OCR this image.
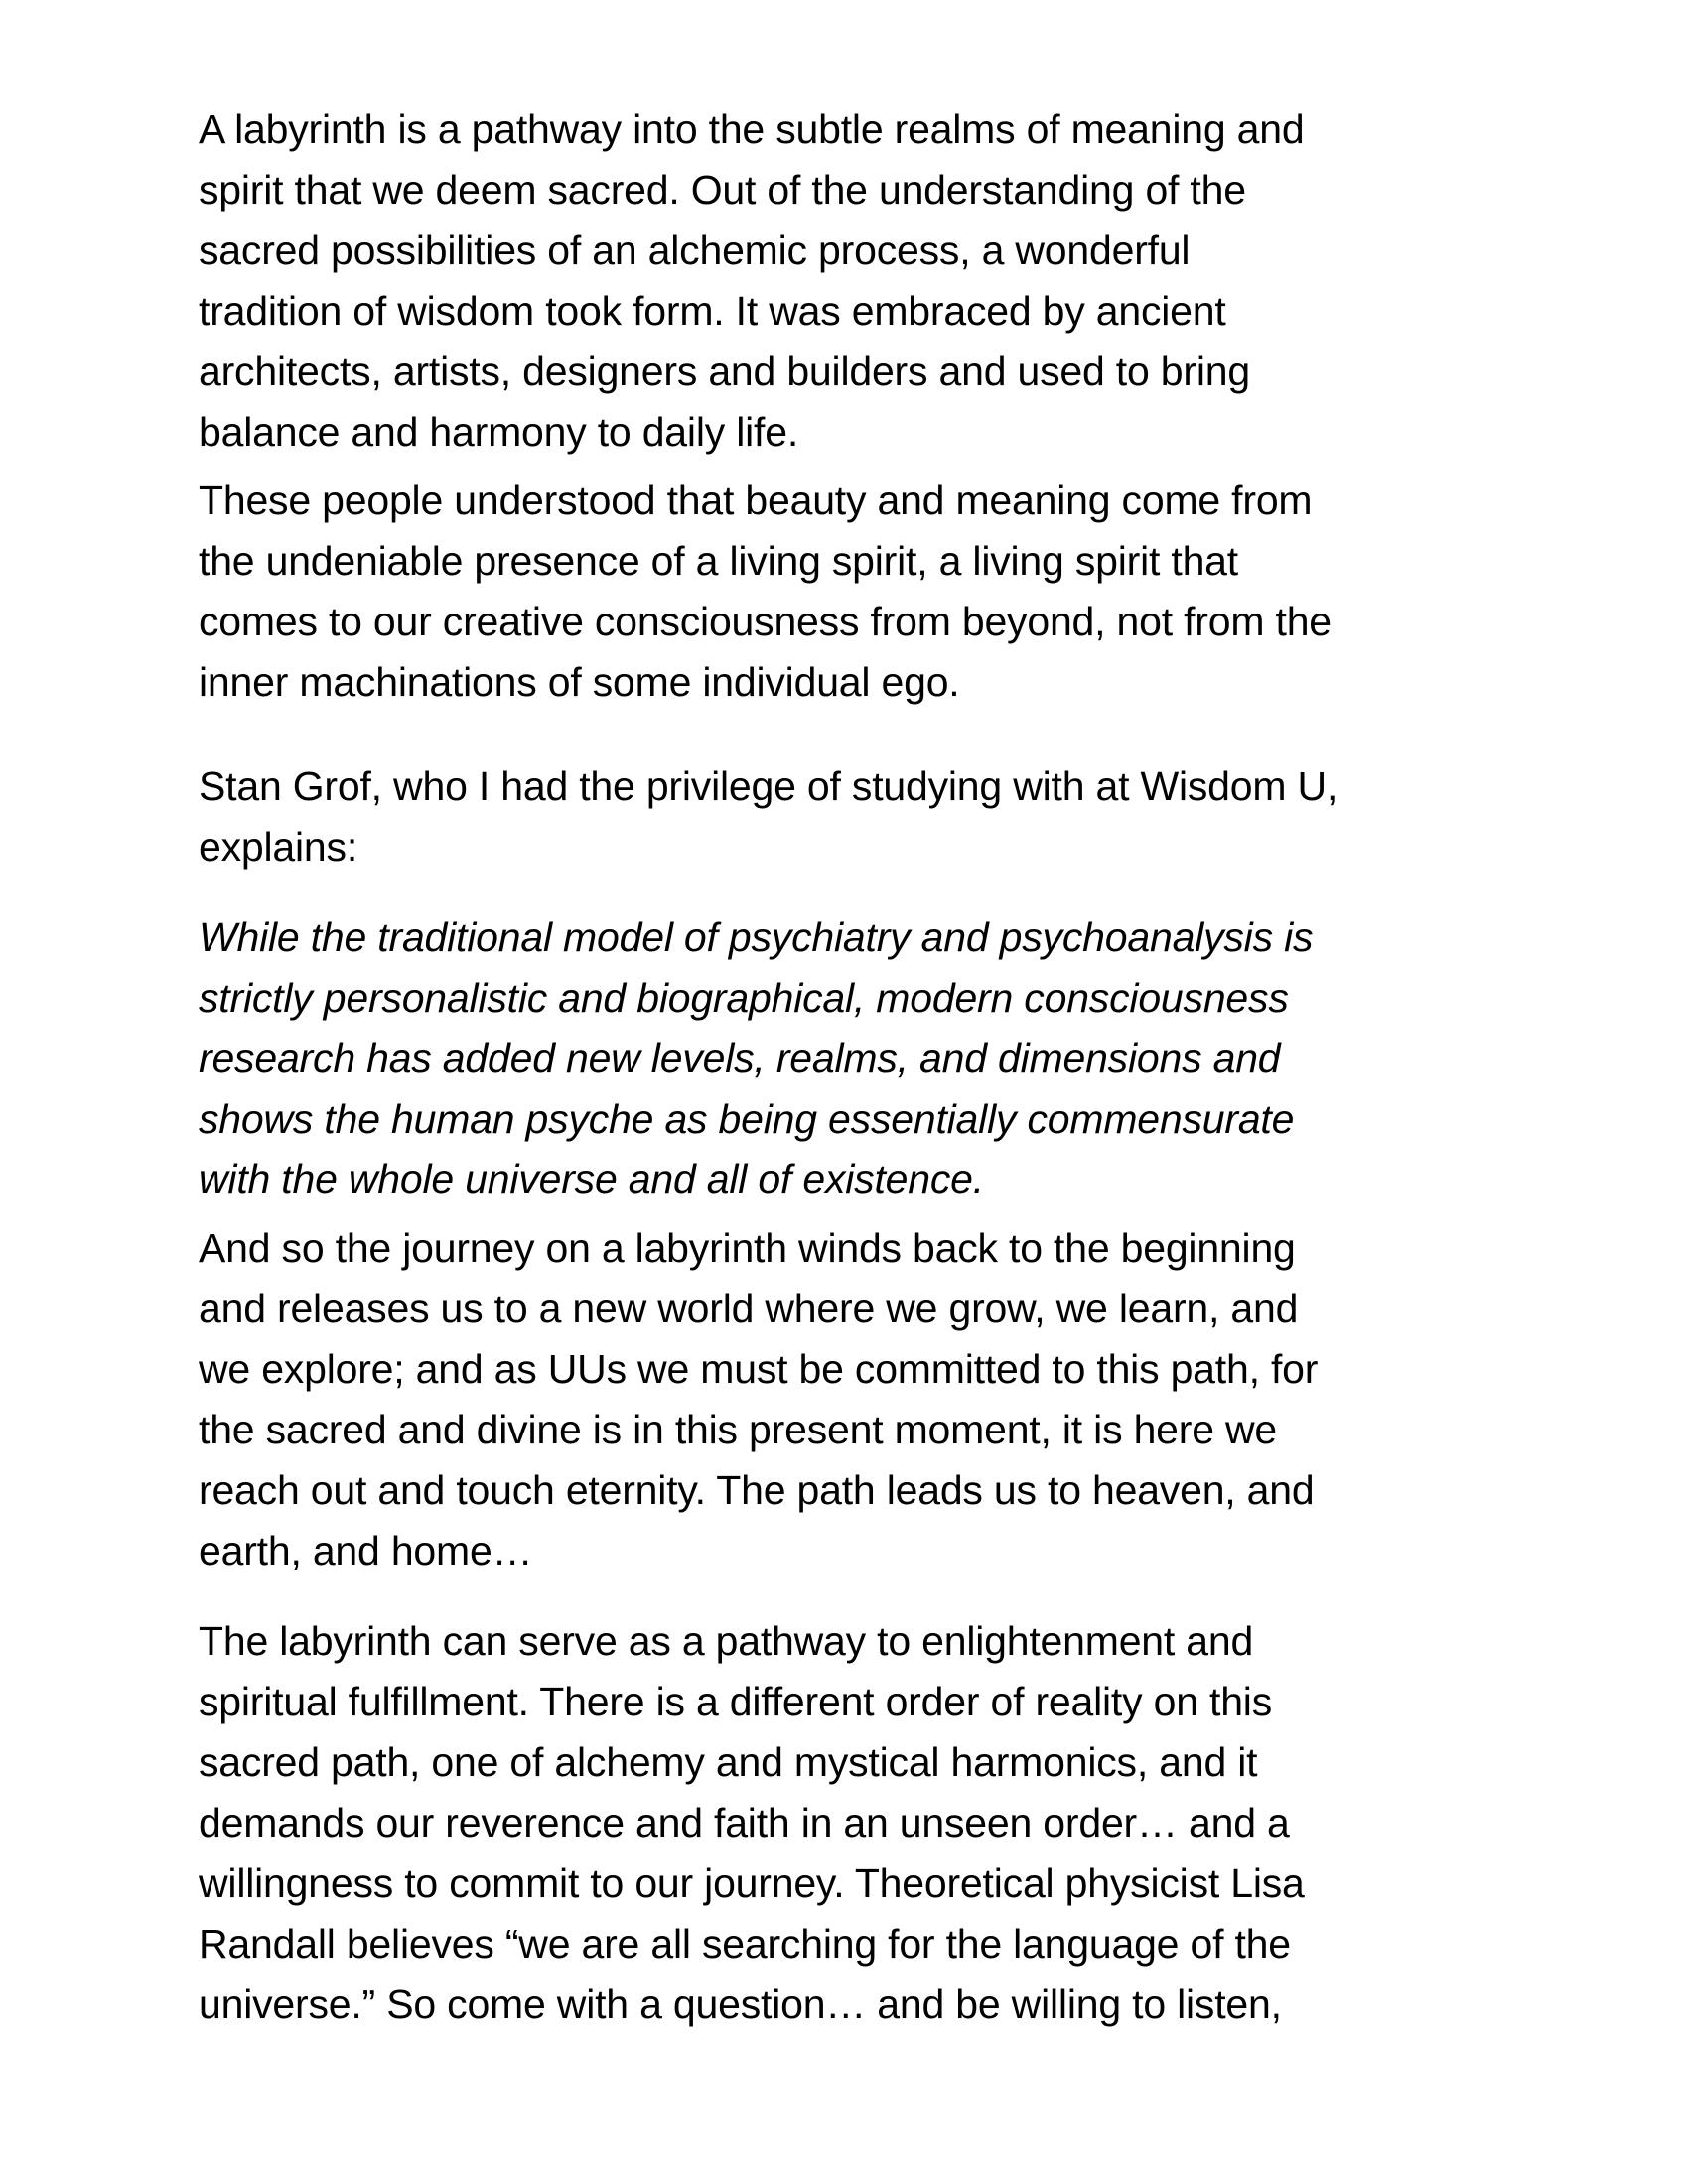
A labyrinth is a pathway into the subtle realms of meaning and
spirit that we deem sacred. Out of the understanding of the
sacred possibilities of an alchemic process, a wonderful
tradition of wisdom took form. It was embraced by ancient
architects, artists, designers and builders and used to bring
balance and harmony to daily life.

These people understood that beauty and meaning come from
the undeniable presence of a living spirit, a living spirit that
comes to our creative consciousness from beyond, not from the
inner machinations of some individual ego.

Stan Grof, who I had the privilege of studying with at Wisdom U,
explains:

While the traditional model of psychiatry and psychoanalysis is
strictly personalistic and biographical, modern consciousness
research has added new levels, realms, and dimensions and
shows the human psyche as being essentially commensurate
with the whole universe and all of existence.

And so the journey on a labyrinth winds back to the beginning
and releases us to a new world where we grow, we learn, and
we explore; and as UUs we must be committed to this path, for
the sacred and divine is in this present moment, it is here we
reach out and touch eternity. The path leads us to heaven, and
earth, and home…

The labyrinth can serve as a pathway to enlightenment and
spiritual fulfillment. There is a different order of reality on this
sacred path, one of alchemy and mystical harmonics, and it
demands our reverence and faith in an unseen order… and a
willingness to commit to our journey. Theoretical physicist Lisa
Randall believes “we are all searching for the language of the
universe.” So come with a question… and be willing to listen,
